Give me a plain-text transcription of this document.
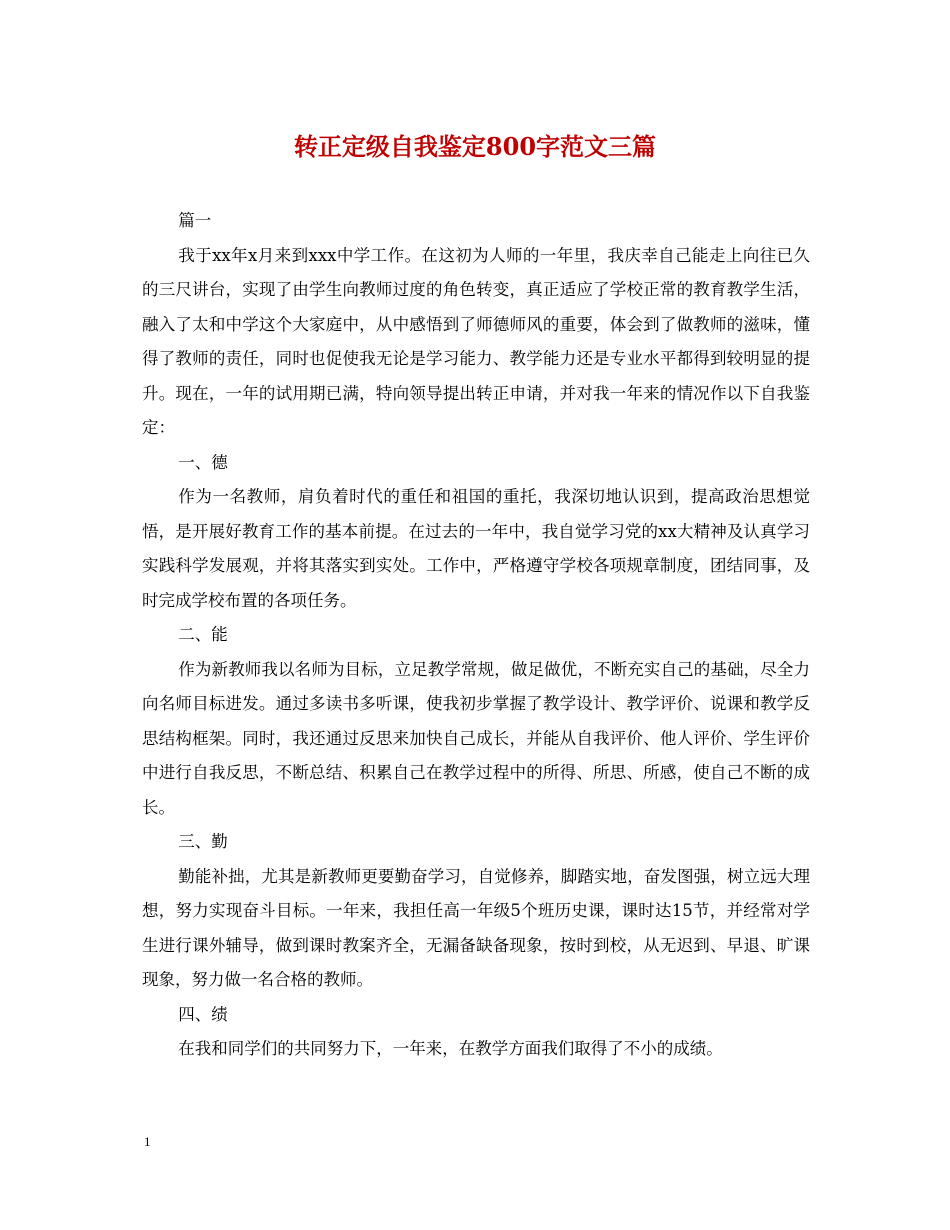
转正定级自我鉴定800字范文三篇

篇一

我于xx年x月来到xxx中学工作。在这初为人师的一年里，我庆幸自己能走上向往已久的三尺讲台，实现了由学生向教师过度的角色转变，真正适应了学校正常的教育教学生活，融入了太和中学这个大家庭中，从中感悟到了师德师风的重要，体会到了做教师的滋味，懂得了教师的责任，同时也促使我无论是学习能力、教学能力还是专业水平都得到较明显的提升。现在，一年的试用期已满，特向领导提出转正申请，并对我一年来的情况作以下自我鉴定：

一、德

作为一名教师，肩负着时代的重任和祖国的重托，我深切地认识到，提高政治思想觉悟，是开展好教育工作的基本前提。在过去的一年中，我自觉学习党的xx大精神及认真学习实践科学发展观，并将其落实到实处。工作中，严格遵守学校各项规章制度，团结同事，及时完成学校布置的各项任务。

二、能

作为新教师我以名师为目标，立足教学常规，做足做优，不断充实自己的基础，尽全力向名师目标进发。通过多读书多听课，使我初步掌握了教学设计、教学评价、说课和教学反思结构框架。同时，我还通过反思来加快自己成长，并能从自我评价、他人评价、学生评价中进行自我反思，不断总结、积累自己在教学过程中的所得、所思、所感，使自己不断的成长。

三、勤

勤能补拙，尤其是新教师更要勤奋学习，自觉修养，脚踏实地，奋发图强，树立远大理想，努力实现奋斗目标。一年来，我担任高一年级5个班历史课，课时达15节，并经常对学生进行课外辅导，做到课时教案齐全，无漏备缺备现象，按时到校，从无迟到、早退、旷课现象，努力做一名合格的教师。

四、绩

在我和同学们的共同努力下，一年来，在教学方面我们取得了不小的成绩。

1
